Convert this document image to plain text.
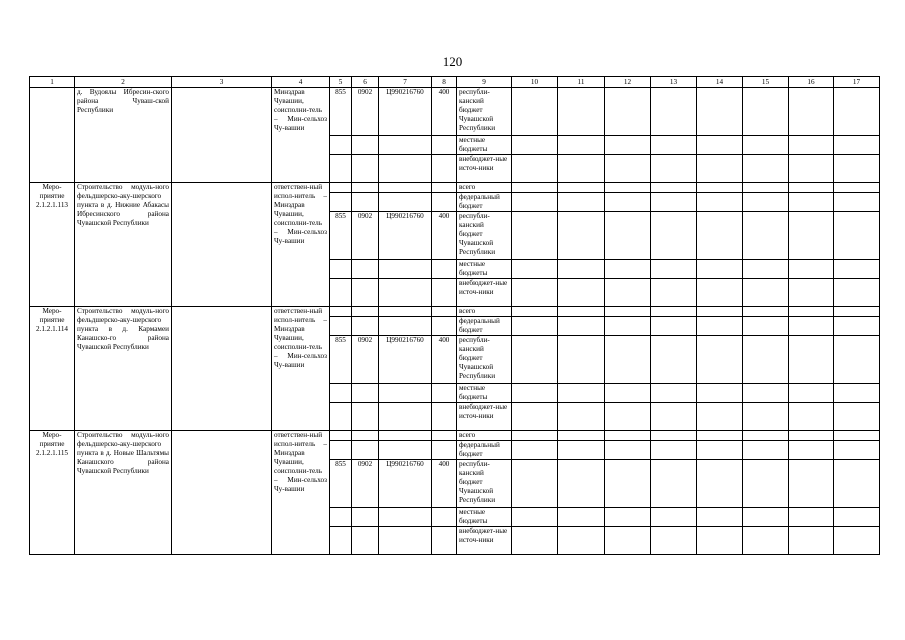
120
1	2	3	4	5	6	7	8	9	10	11	12	13	14	15	16	17
	д. Вудоялы Ибресин-ского района Чуваш-ской Республики		Минздрав Чувашии, соисполни-тель – Мин-сельхоз Чу-вашии	855	0902	Ц990216760	400	республи-канский бюджет Чувашской Республики								
								местные бюджеты								
								внебюджет-ные источ-ники								
Меро-приятие 2.1.2.1.113	Строительство модуль-ного фельдшерско-аку-шерского пункта в д. Нижние Абакасы Ибресинского района Чувашской Республики		ответствен-ный испол-нитель – Минздрав Чувашии, соисполни-тель – Мин-сельхоз Чу-вашии					всего								
								федеральный бюджет								
				855	0902	Ц990216760	400	республи-канский бюджет Чувашской Республики								
								местные бюджеты								
								внебюджет-ные источ-ники								
Меро-приятие 2.1.2.1.114	Строительство модуль-ного фельдшерско-аку-шерского пункта в д. Кармамеи Канашско-го района Чувашской Республики		ответствен-ный испол-нитель – Минздрав Чувашии, соисполни-тель – Мин-сельхоз Чу-вашии					всего								
								федеральный бюджет								
				855	0902	Ц990216760	400	республи-канский бюджет Чувашской Республики								
								местные бюджеты								
								внебюджет-ные источ-ники								
Меро-приятие 2.1.2.1.115	Строительство модуль-ного фельдшерско-аку-шерского пункта в д. Новые Шальтямы Канашского района Чувашской Республики		ответствен-ный испол-нитель – Минздрав Чувашии, соисполни-тель – Мин-сельхоз Чу-вашии					всего								
								федеральный бюджет								
				855	0902	Ц990216760	400	республи-канский бюджет Чувашской Республики								
								местные бюджеты								
								внебюджет-ные источ-ники								
